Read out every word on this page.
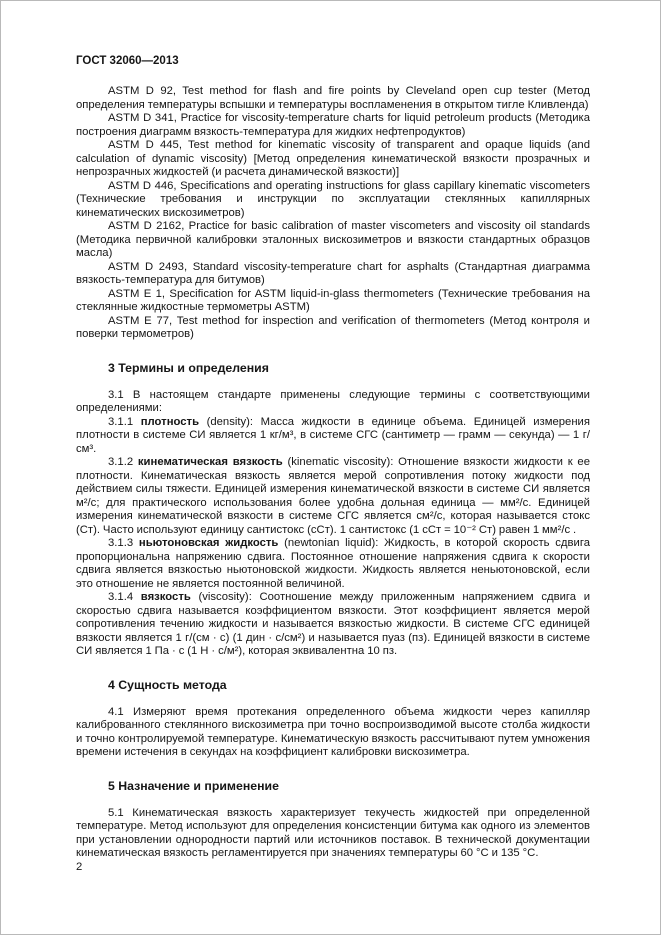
ГОСТ 32060—2013

ASTM D 92, Test method for flash and fire points by Cleveland open cup tester (Метод определения температуры вспышки и температуры воспламенения в открытом тигле Кливленда)

ASTM D 341, Practice for viscosity-temperature charts for liquid petroleum products (Методика построения диаграмм вязкость-температура для жидких нефтепродуктов)

ASTM D 445, Test method for kinematic viscosity of transparent and opaque liquids (and calculation of dynamic viscosity) [Метод определения кинематической вязкости прозрачных и непрозрачных жидкостей (и расчета динамической вязкости)]

ASTM D 446, Specifications and operating instructions for glass capillary kinematic viscometers (Технические требования и инструкции по эксплуатации стеклянных капиллярных кинематических вискозиметров)

ASTM D 2162, Practice for basic calibration of master viscometers and viscosity oil standards (Методика первичной калибровки эталонных вискозиметров и вязкости стандартных образцов масла)

ASTM D 2493, Standard viscosity-temperature chart for asphalts (Стандартная диаграмма вязкость-температура для битумов)

ASTM E 1, Specification for ASTM liquid-in-glass thermometers (Технические требования на стеклянные жидкостные термометры ASTM)

ASTM E 77, Test method for inspection and verification of thermometers (Метод контроля и поверки термометров)

3 Термины и определения

3.1 В настоящем стандарте применены следующие термины с соответствующими определениями:

3.1.1 плотность (density): Масса жидкости в единице объема. Единицей измерения плотности в системе СИ является 1 кг/м³, в системе СГС (сантиметр — грамм — секунда) — 1 г/см³.

3.1.2 кинематическая вязкость (kinematic viscosity): Отношение вязкости жидкости к ее плотности. Кинематическая вязкость является мерой сопротивления потоку жидкости под действием силы тяжести. Единицей измерения кинематической вязкости в системе СИ является м²/с; для практического использования более удобна дольная единица — мм²/с. Единицей измерения кинематической вязкости в системе СГС является см²/с, которая называется стокс (Ст). Часто используют единицу сантистокс (сСт). 1 сантистокс (1 сСт = 10⁻² Ст) равен 1 мм²/с .

3.1.3 ньютоновская жидкость (newtonian liquid): Жидкость, в которой скорость сдвига пропорциональна напряжению сдвига. Постоянное отношение напряжения сдвига к скорости сдвига является вязкостью ньютоновской жидкости. Жидкость является неньютоновской, если это отношение не является постоянной величиной.

3.1.4 вязкость (viscosity): Соотношение между приложенным напряжением сдвига и скоростью сдвига называется коэффициентом вязкости. Этот коэффициент является мерой сопротивления течению жидкости и называется вязкостью жидкости. В системе СГС единицей вязкости является 1 г/(см · с) (1 дин · с/см²) и называется пуаз (пз). Единицей вязкости в системе СИ является 1 Па · с (1 Н · с/м²), которая эквивалентна 10 пз.

4 Сущность метода

4.1 Измеряют время протекания определенного объема жидкости через капилляр калиброванного стеклянного вискозиметра при точно воспроизводимой высоте столба жидкости и точно контролируемой температуре. Кинематическую вязкость рассчитывают путем умножения времени истечения в секундах на коэффициент калибровки вискозиметра.

5 Назначение и применение

5.1 Кинематическая вязкость характеризует текучесть жидкостей при определенной температуре. Метод используют для определения консистенции битума как одного из элементов при установлении однородности партий или источников поставок. В технической документации кинематическая вязкость регламентируется при значениях температуры 60 °С и 135 °С.

2
